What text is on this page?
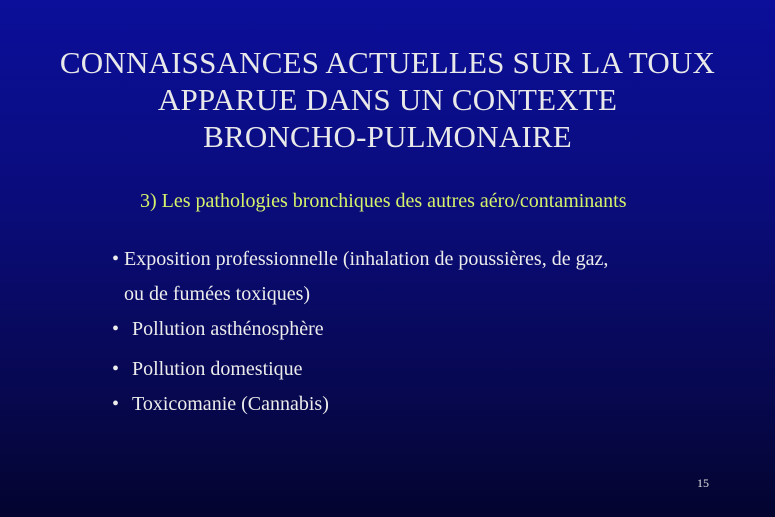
CONNAISSANCES ACTUELLES SUR LA TOUX
APPARUE DANS UN CONTEXTE
BRONCHO-PULMONAIRE
3) Les pathologies bronchiques des autres aéro/contaminants
• Exposition professionnelle (inhalation de poussières, de gaz,
ou de fumées toxiques)
• Pollution asthénosphère
• Pollution domestique
• Toxicomanie (Cannabis)
15
